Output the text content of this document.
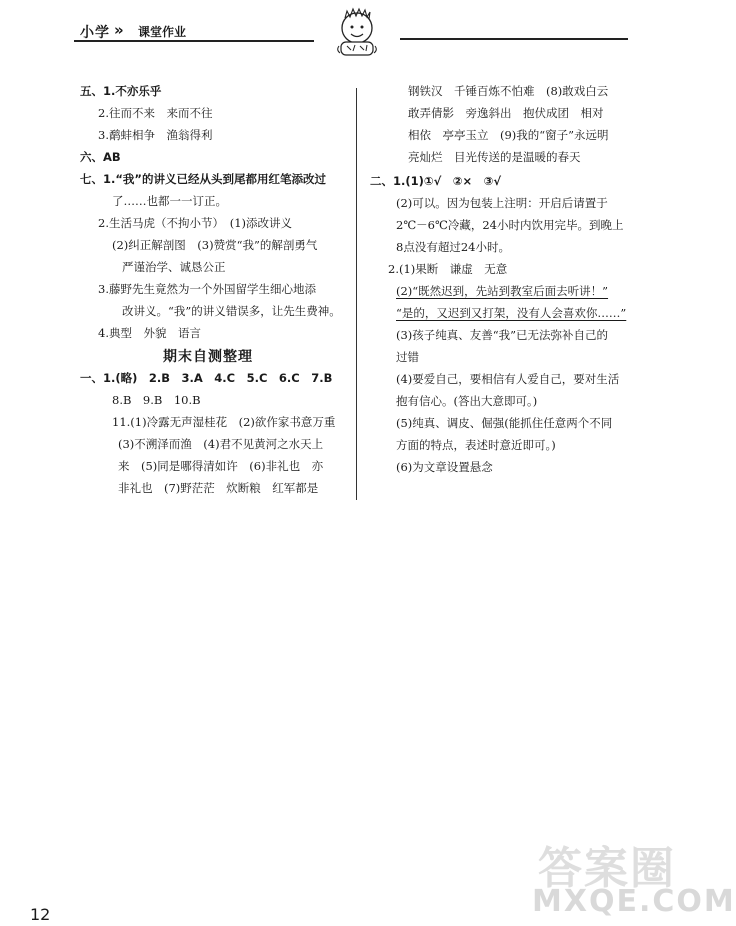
小学 » 课堂作业
五、1.不亦乐乎
2.往而不来　来而不往
3.鹬蚌相争　渔翁得利
六、AB
七、1.“我”的讲义已经从头到尾都用红笔添改过
了……也都一一订正。
2.生活马虎（不拘小节）　(1)添改讲义
(2)纠正解剖图　(3)赞赏“我”的解剖勇气
严谨治学、诚恳公正
3.藤野先生竟然为一个外国留学生细心地添
改讲义。“我”的讲义错误多，让先生费神。
4.典型　外貌　语言
期末自测整理
一、1.(略)　2.B　3.A　4.C　5.C　6.C　7.B
8.B　9.B　10.B
11.(1)冷露无声湿桂花　(2)欲作家书意万重
(3)不溯泽而渔　(4)君不见黄河之水天上
来　(5)同是哪得清如许　(6)非礼也　亦
非礼也　(7)野茫茫　炊断粮　红军都是
钢铁汉　千锤百炼不怕难　(8)敢戏白云
敢弄倩影　旁逸斜出　抱伏成团　相对
相依　亭亭玉立　(9)我的“窗子”永远明
亮灿烂　目光传送的是温暖的春天
二、1.(1)①√　②×　③√
(2)可以。因为包装上注明：开启后请置于
2℃－6℃冷藏，24小时内饮用完毕。到晚上
8点没有超过24小时。
2.(1)果断　谦虚　无意
(2)“既然迟到，先站到教室后面去听讲！”
“是的，又迟到又打架，没有人会喜欢你……”
(3)孩子纯真、友善“我”已无法弥补自己的
过错
(4)要爱自己，要相信有人爱自己，要对生活
抱有信心。(答出大意即可。)
(5)纯真、调皮、倔强(能抓住任意两个不同
方面的特点，表述时意近即可。)
(6)为文章设置悬念
答案圈
MXQE.COM
12
